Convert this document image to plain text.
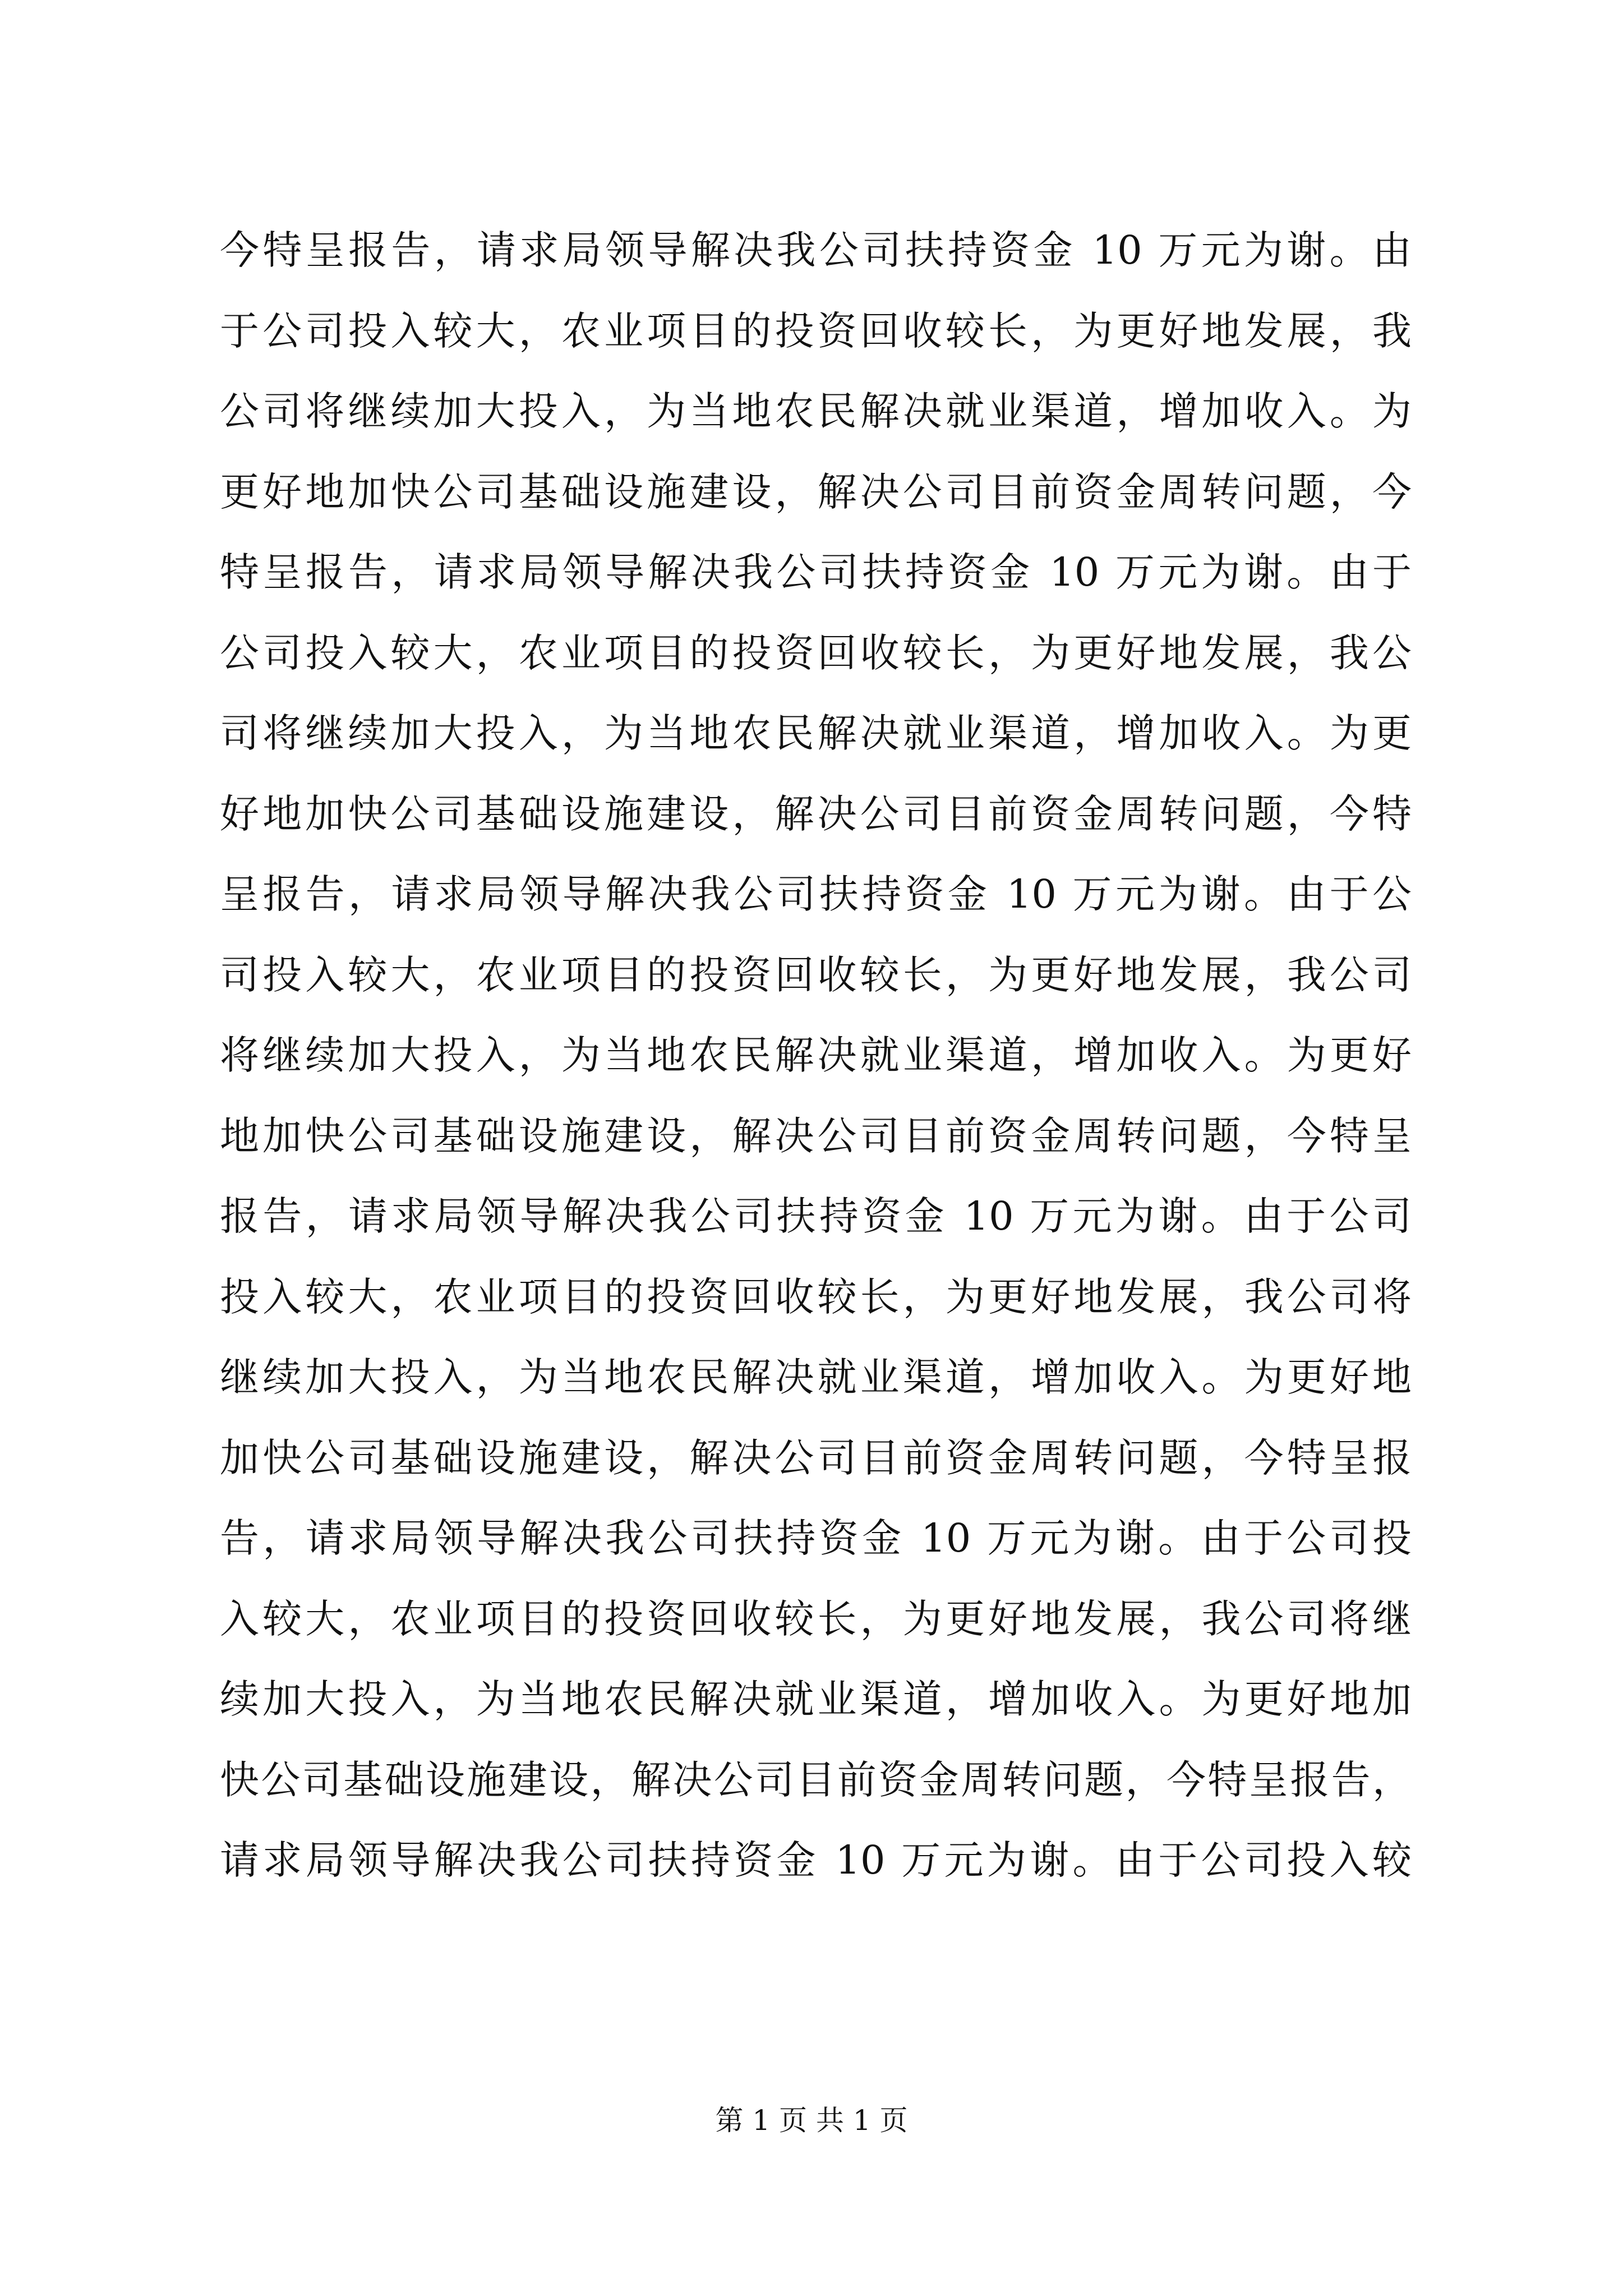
今特呈报告，请求局领导解决我公司扶持资金 10 万元为谢。由
于公司投入较大，农业项目的投资回收较长，为更好地发展，我
公司将继续加大投入，为当地农民解决就业渠道，增加收入。为
更好地加快公司基础设施建设，解决公司目前资金周转问题，今
特呈报告，请求局领导解决我公司扶持资金 10 万元为谢。由于
公司投入较大，农业项目的投资回收较长，为更好地发展，我公
司将继续加大投入，为当地农民解决就业渠道，增加收入。为更
好地加快公司基础设施建设，解决公司目前资金周转问题，今特
呈报告，请求局领导解决我公司扶持资金 10 万元为谢。由于公
司投入较大，农业项目的投资回收较长，为更好地发展，我公司
将继续加大投入，为当地农民解决就业渠道，增加收入。为更好
地加快公司基础设施建设，解决公司目前资金周转问题，今特呈
报告，请求局领导解决我公司扶持资金 10 万元为谢。由于公司
投入较大，农业项目的投资回收较长，为更好地发展，我公司将
继续加大投入，为当地农民解决就业渠道，增加收入。为更好地
加快公司基础设施建设，解决公司目前资金周转问题，今特呈报
告，请求局领导解决我公司扶持资金 10 万元为谢。由于公司投
入较大，农业项目的投资回收较长，为更好地发展，我公司将继
续加大投入，为当地农民解决就业渠道，增加收入。为更好地加
快公司基础设施建设，解决公司目前资金周转问题，今特呈报告，
请求局领导解决我公司扶持资金 10 万元为谢。由于公司投入较
第 1 页 共 1 页
